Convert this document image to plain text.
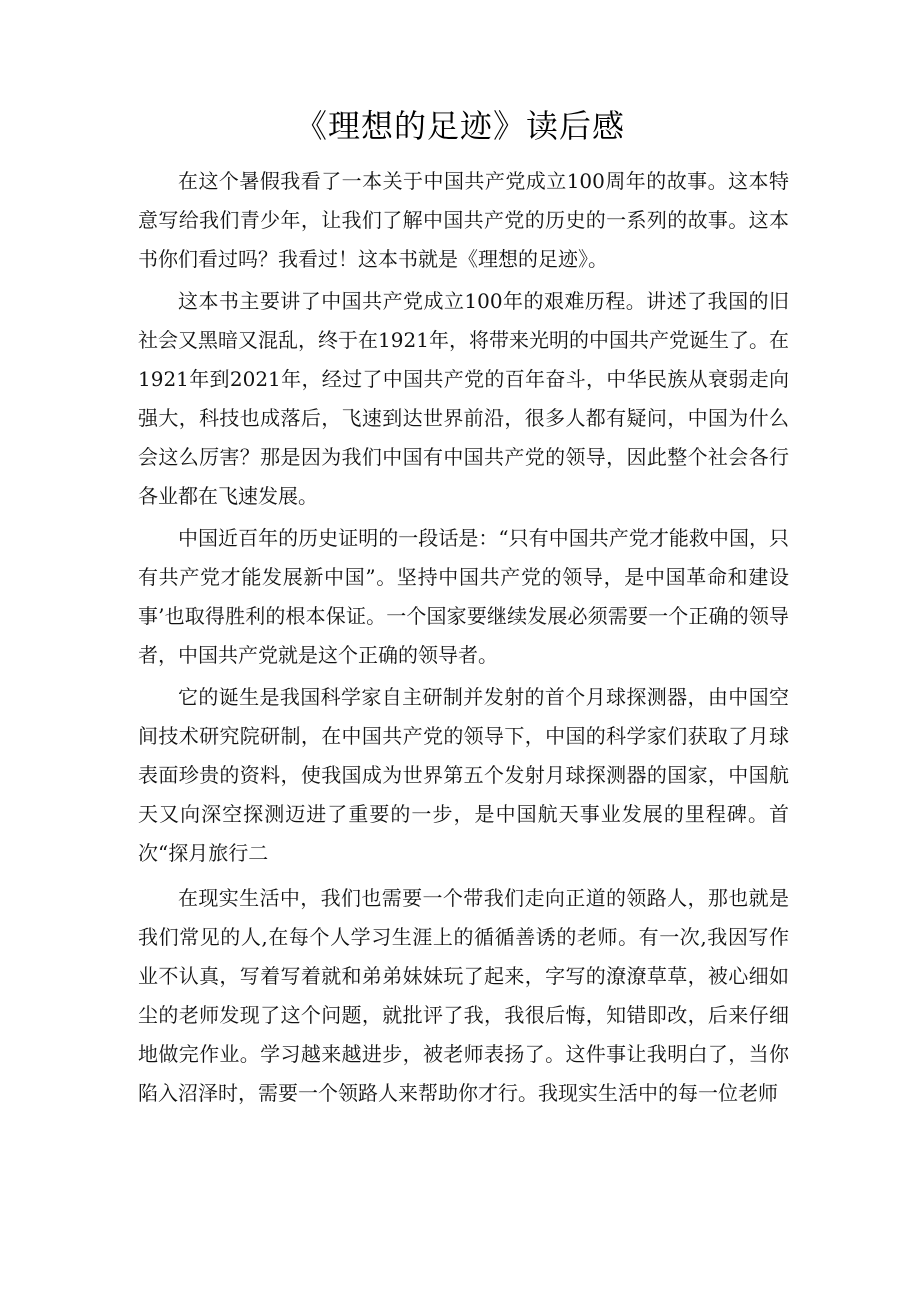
《理想的足迹》读后感

在这个暑假我看了一本关于中国共产党成立100周年的故事。这本特意写给我们青少年，让我们了解中国共产党的历史的一系列的故事。这本书你们看过吗？我看过！这本书就是《理想的足迹》。

这本书主要讲了中国共产党成立100年的艰难历程。讲述了我国的旧社会又黑暗又混乱，终于在1921年，将带来光明的中国共产党诞生了。在1921年到2021年，经过了中国共产党的百年奋斗，中华民族从衰弱走向强大，科技也成落后，飞速到达世界前沿，很多人都有疑问，中国为什么会这么厉害？那是因为我们中国有中国共产党的领导，因此整个社会各行各业都在飞速发展。

中国近百年的历史证明的一段话是：“只有中国共产党才能救中国，只有共产党才能发展新中国”。坚持中国共产党的领导，是中国革命和建设事’也取得胜利的根本保证。一个国家要继续发展必须需要一个正确的领导者，中国共产党就是这个正确的领导者。

它的诞生是我国科学家自主研制并发射的首个月球探测器，由中国空间技术研究院研制，在中国共产党的领导下，中国的科学家们获取了月球表面珍贵的资料，使我国成为世界第五个发射月球探测器的国家，中国航天又向深空探测迈进了重要的一步，是中国航天事业发展的里程碑。首次“探月旅行二

在现实生活中，我们也需要一个带我们走向正道的领路人，那也就是我们常见的人,在每个人学习生涯上的循循善诱的老师。有一次,我因写作业不认真，写着写着就和弟弟妹妹玩了起来，字写的潦潦草草，被心细如尘的老师发现了这个问题，就批评了我，我很后悔，知错即改，后来仔细地做完作业。学习越来越进步，被老师表扬了。这件事让我明白了，当你陷入沼泽时，需要一个领路人来帮助你才行。我现实生活中的每一位老师
